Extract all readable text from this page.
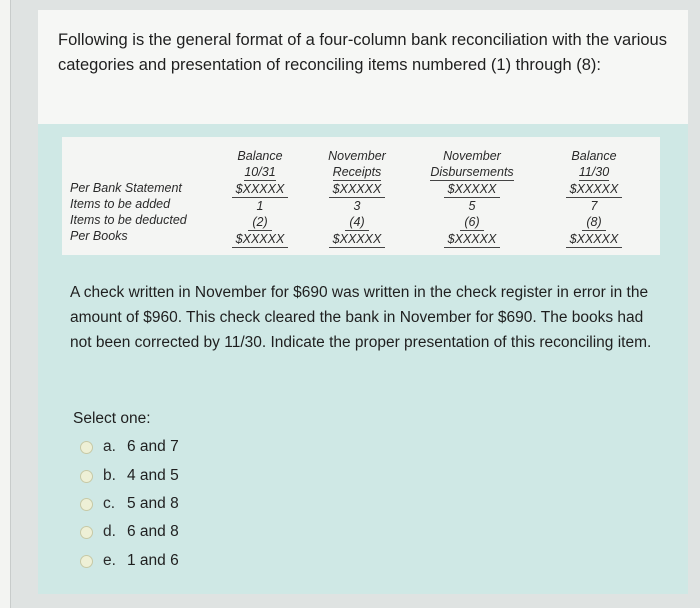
Following is the general format of a four-column bank reconciliation with the various categories and presentation of reconciling items numbered (1) through (8):

Per Bank Statement
Items to be added
Items to be deducted
Per Books
Balance
10/31
$XXXXX
1
(2)
$XXXXX
November
Receipts
$XXXXX
3
(4)
$XXXXX
November
Disbursements
$XXXXX
5
(6)
$XXXXX
Balance
11/30
$XXXXX
7
(8)
$XXXXX

A check written in November for $690 was written in the check register in error in the amount of $960. This check cleared the bank in November for $690. The books had not been corrected by 11/30. Indicate the proper presentation of this reconciling item.

Select one:
a. 6 and 7
b. 4 and 5
c. 5 and 8
d. 6 and 8
e. 1 and 6
